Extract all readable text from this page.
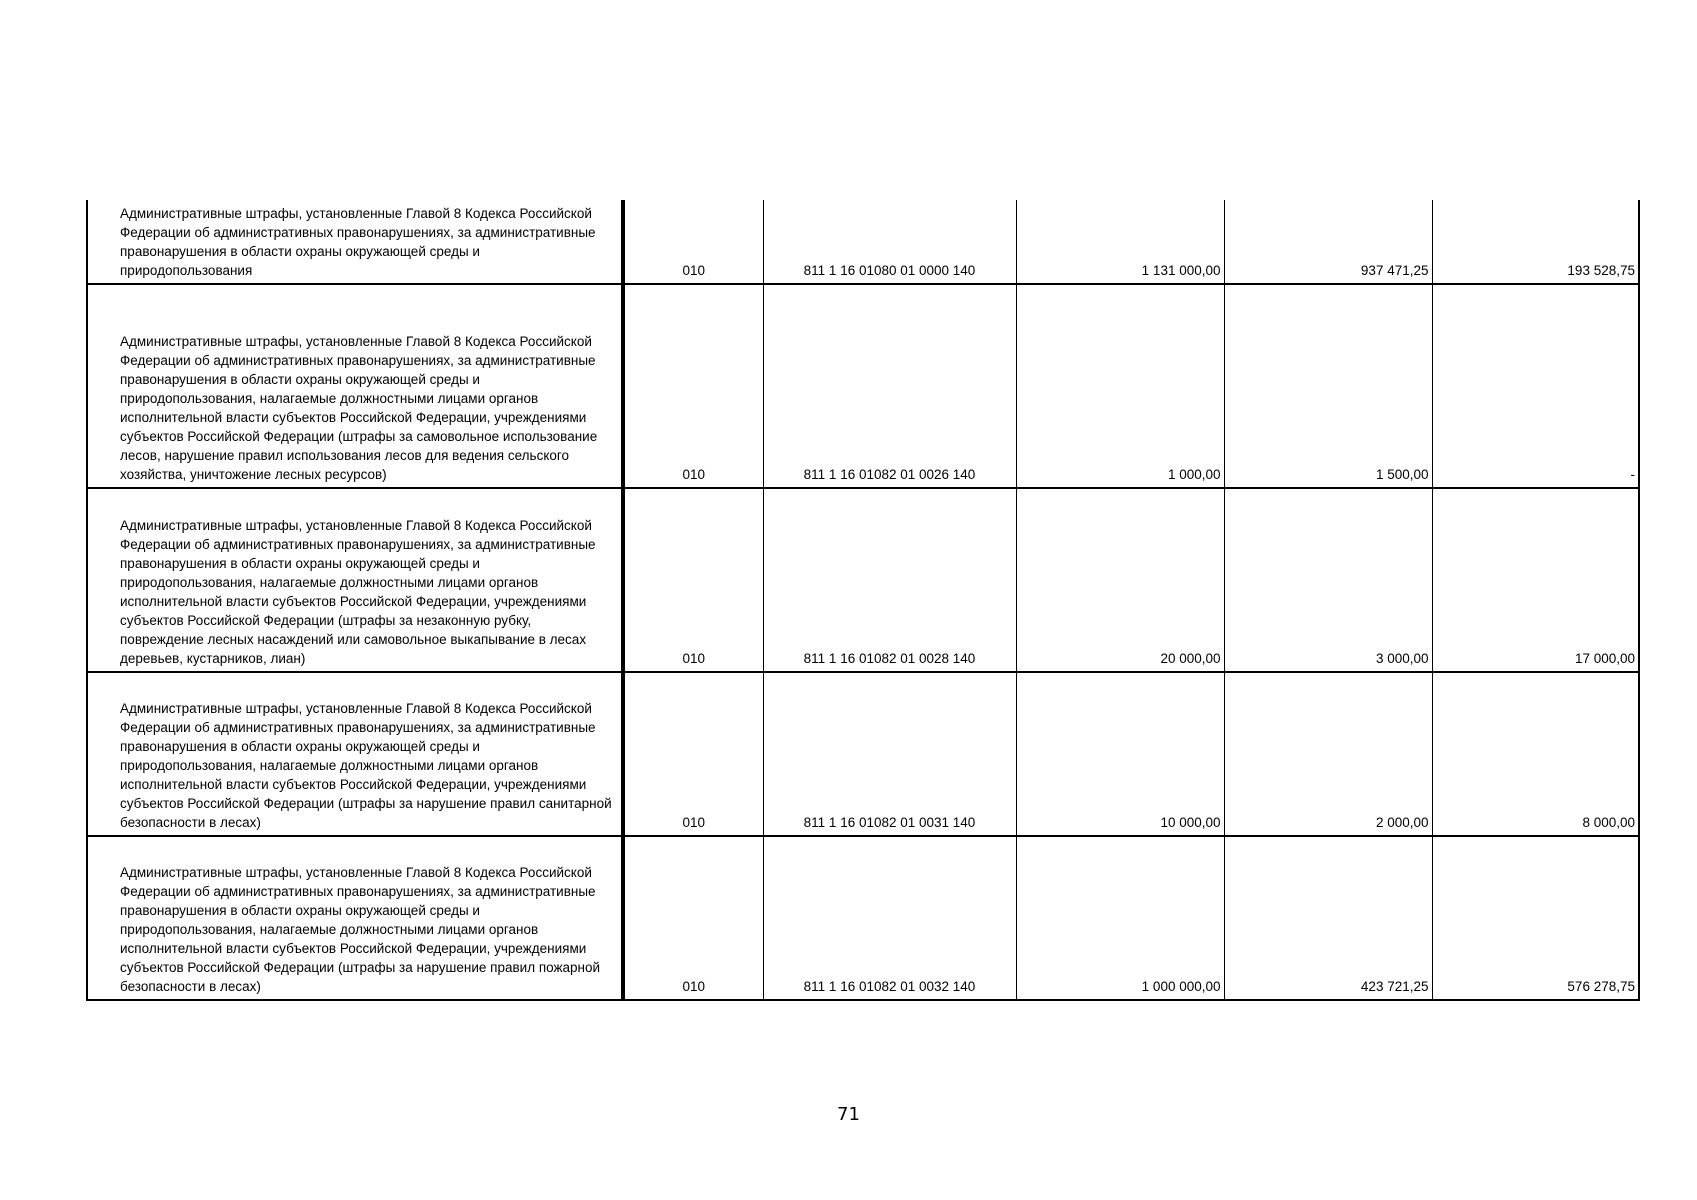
Административные штрафы, установленные Главой 8 Кодекса Российской Федерации об административных правонарушениях, за административные правонарушения в области охраны окружающей среды и природопользования	010	811 1 16 01080 01 0000 140	1 131 000,00	937 471,25	193 528,75

Административные штрафы, установленные Главой 8 Кодекса Российской Федерации об административных правонарушениях, за административные правонарушения в области охраны окружающей среды и природопользования, налагаемые должностными лицами органов исполнительной власти субъектов Российской Федерации, учреждениями субъектов Российской Федерации (штрафы за самовольное использование лесов, нарушение правил использования лесов для ведения сельского хозяйства, уничтожение лесных ресурсов)	010	811 1 16 01082 01 0026 140	1 000,00	1 500,00	-

Административные штрафы, установленные Главой 8 Кодекса Российской Федерации об административных правонарушениях, за административные правонарушения в области охраны окружающей среды и природопользования, налагаемые должностными лицами органов исполнительной власти субъектов Российской Федерации, учреждениями субъектов Российской Федерации (штрафы за незаконную рубку, повреждение лесных насаждений или самовольное выкапывание в лесах деревьев, кустарников, лиан)	010	811 1 16 01082 01 0028 140	20 000,00	3 000,00	17 000,00

Административные штрафы, установленные Главой 8 Кодекса Российской Федерации об административных правонарушениях, за административные правонарушения в области охраны окружающей среды и природопользования, налагаемые должностными лицами органов исполнительной власти субъектов Российской Федерации, учреждениями субъектов Российской Федерации (штрафы за нарушение правил санитарной безопасности в лесах)	010	811 1 16 01082 01 0031 140	10 000,00	2 000,00	8 000,00

Административные штрафы, установленные Главой 8 Кодекса Российской Федерации об административных правонарушениях, за административные правонарушения в области охраны окружающей среды и природопользования, налагаемые должностными лицами органов исполнительной власти субъектов Российской Федерации, учреждениями субъектов Российской Федерации (штрафы за нарушение правил пожарной безопасности в лесах)	010	811 1 16 01082 01 0032 140	1 000 000,00	423 721,25	576 278,75
71
